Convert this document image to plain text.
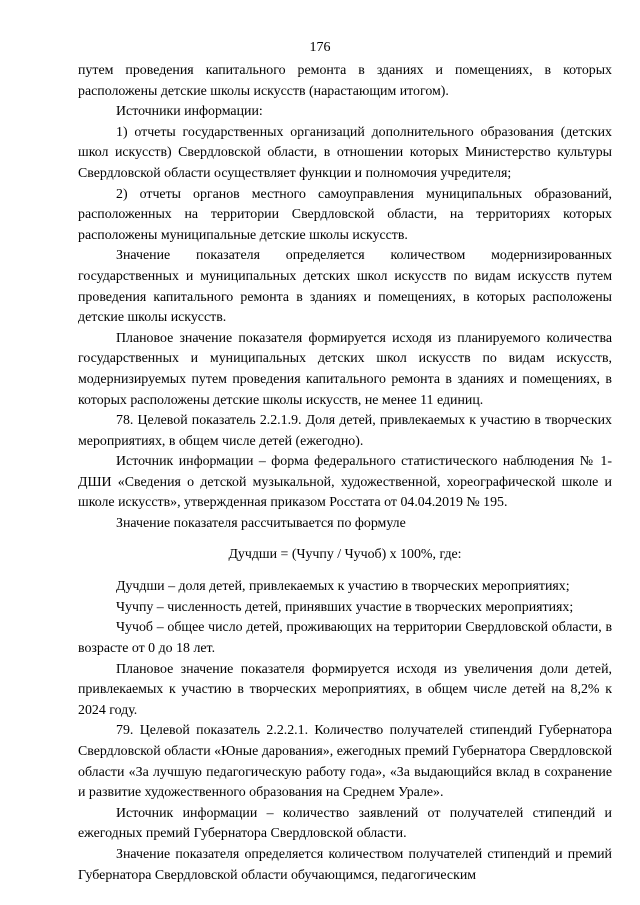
176

путем проведения капитального ремонта в зданиях и помещениях, в которых расположены детские школы искусств (нарастающим итогом).

Источники информации:

1) отчеты государственных организаций дополнительного образования (детских школ искусств) Свердловской области, в отношении которых Министерство культуры Свердловской области осуществляет функции и полномочия учредителя;

2) отчеты органов местного самоуправления муниципальных образований, расположенных на территории Свердловской области, на территориях которых расположены муниципальные детские школы искусств.

Значение показателя определяется количеством модернизированных государственных и муниципальных детских школ искусств по видам искусств путем проведения капитального ремонта в зданиях и помещениях, в которых расположены детские школы искусств.

Плановое значение показателя формируется исходя из планируемого количества государственных и муниципальных детских школ искусств по видам искусств, модернизируемых путем проведения капитального ремонта в зданиях и помещениях, в которых расположены детские школы искусств, не менее 11 единиц.

78. Целевой показатель 2.2.1.9. Доля детей, привлекаемых к участию в творческих мероприятиях, в общем числе детей (ежегодно).

Источник информации – форма федерального статистического наблюдения № 1-ДШИ «Сведения о детской музыкальной, художественной, хореографической школе и школе искусств», утвержденная приказом Росстата от 04.04.2019 № 195.

Значение показателя рассчитывается по формуле

Дучдши = (Чучпу / Чучоб) x 100%, где:

Дучдши – доля детей, привлекаемых к участию в творческих мероприятиях;

Чучпу – численность детей, принявших участие в творческих мероприятиях;

Чучоб – общее число детей, проживающих на территории Свердловской области, в возрасте от 0 до 18 лет.

Плановое значение показателя формируется исходя из увеличения доли детей, привлекаемых к участию в творческих мероприятиях, в общем числе детей на 8,2% к 2024 году.

79. Целевой показатель 2.2.2.1. Количество получателей стипендий Губернатора Свердловской области «Юные дарования», ежегодных премий Губернатора Свердловской области «За лучшую педагогическую работу года», «За выдающийся вклад в сохранение и развитие художественного образования на Среднем Урале».

Источник информации – количество заявлений от получателей стипендий и ежегодных премий Губернатора Свердловской области.

Значение показателя определяется количеством получателей стипендий и премий Губернатора Свердловской области обучающимся, педагогическим
